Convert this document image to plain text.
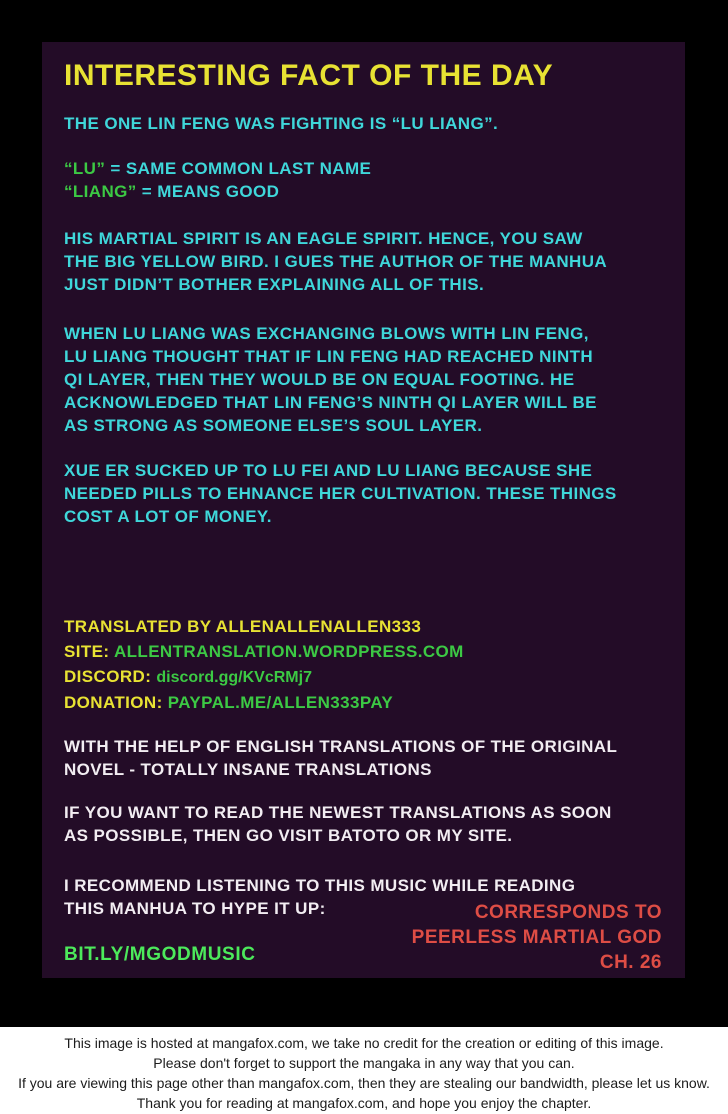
INTERESTING FACT OF THE DAY
THE ONE LIN FENG WAS FIGHTING IS “LU LIANG”.
“LU” = SAME COMMON LAST NAME
“LIANG” = MEANS GOOD
HIS MARTIAL SPIRIT IS AN EAGLE SPIRIT. HENCE, YOU SAW
THE BIG YELLOW BIRD. I GUES THE AUTHOR OF THE MANHUA
JUST DIDN’T BOTHER EXPLAINING ALL OF THIS.
WHEN LU LIANG WAS EXCHANGING BLOWS WITH LIN FENG,
LU LIANG THOUGHT THAT IF LIN FENG HAD REACHED NINTH
QI LAYER, THEN THEY WOULD BE ON EQUAL FOOTING. HE
ACKNOWLEDGED THAT LIN FENG’S NINTH QI LAYER WILL BE
AS STRONG AS SOMEONE ELSE’S SOUL LAYER.
XUE ER SUCKED UP TO LU FEI AND LU LIANG BECAUSE SHE
NEEDED PILLS TO EHNANCE HER CULTIVATION. THESE THINGS
COST A LOT OF MONEY.
TRANSLATED BY ALLENALLENALLEN333
SITE: ALLENTRANSLATION.WORDPRESS.COM
DISCORD: discord.gg/KVcRMj7
DONATION: PAYPAL.ME/ALLEN333PAY
WITH THE HELP OF ENGLISH TRANSLATIONS OF THE ORIGINAL
NOVEL - TOTALLY INSANE TRANSLATIONS
IF YOU WANT TO READ THE NEWEST TRANSLATIONS AS SOON
AS POSSIBLE, THEN GO VISIT BATOTO OR MY SITE.
I RECOMMEND LISTENING TO THIS MUSIC WHILE READING
THIS MANHUA TO HYPE IT UP:
BIT.LY/MGODMUSIC
CORRESPONDS TO
PEERLESS MARTIAL GOD
CH. 26
This image is hosted at mangafox.com, we take no credit for the creation or editing of this image.
Please don't forget to support the mangaka in any way that you can.
If you are viewing this page other than mangafox.com, then they are stealing our bandwidth, please let us know.
Thank you for reading at mangafox.com, and hope you enjoy the chapter.
